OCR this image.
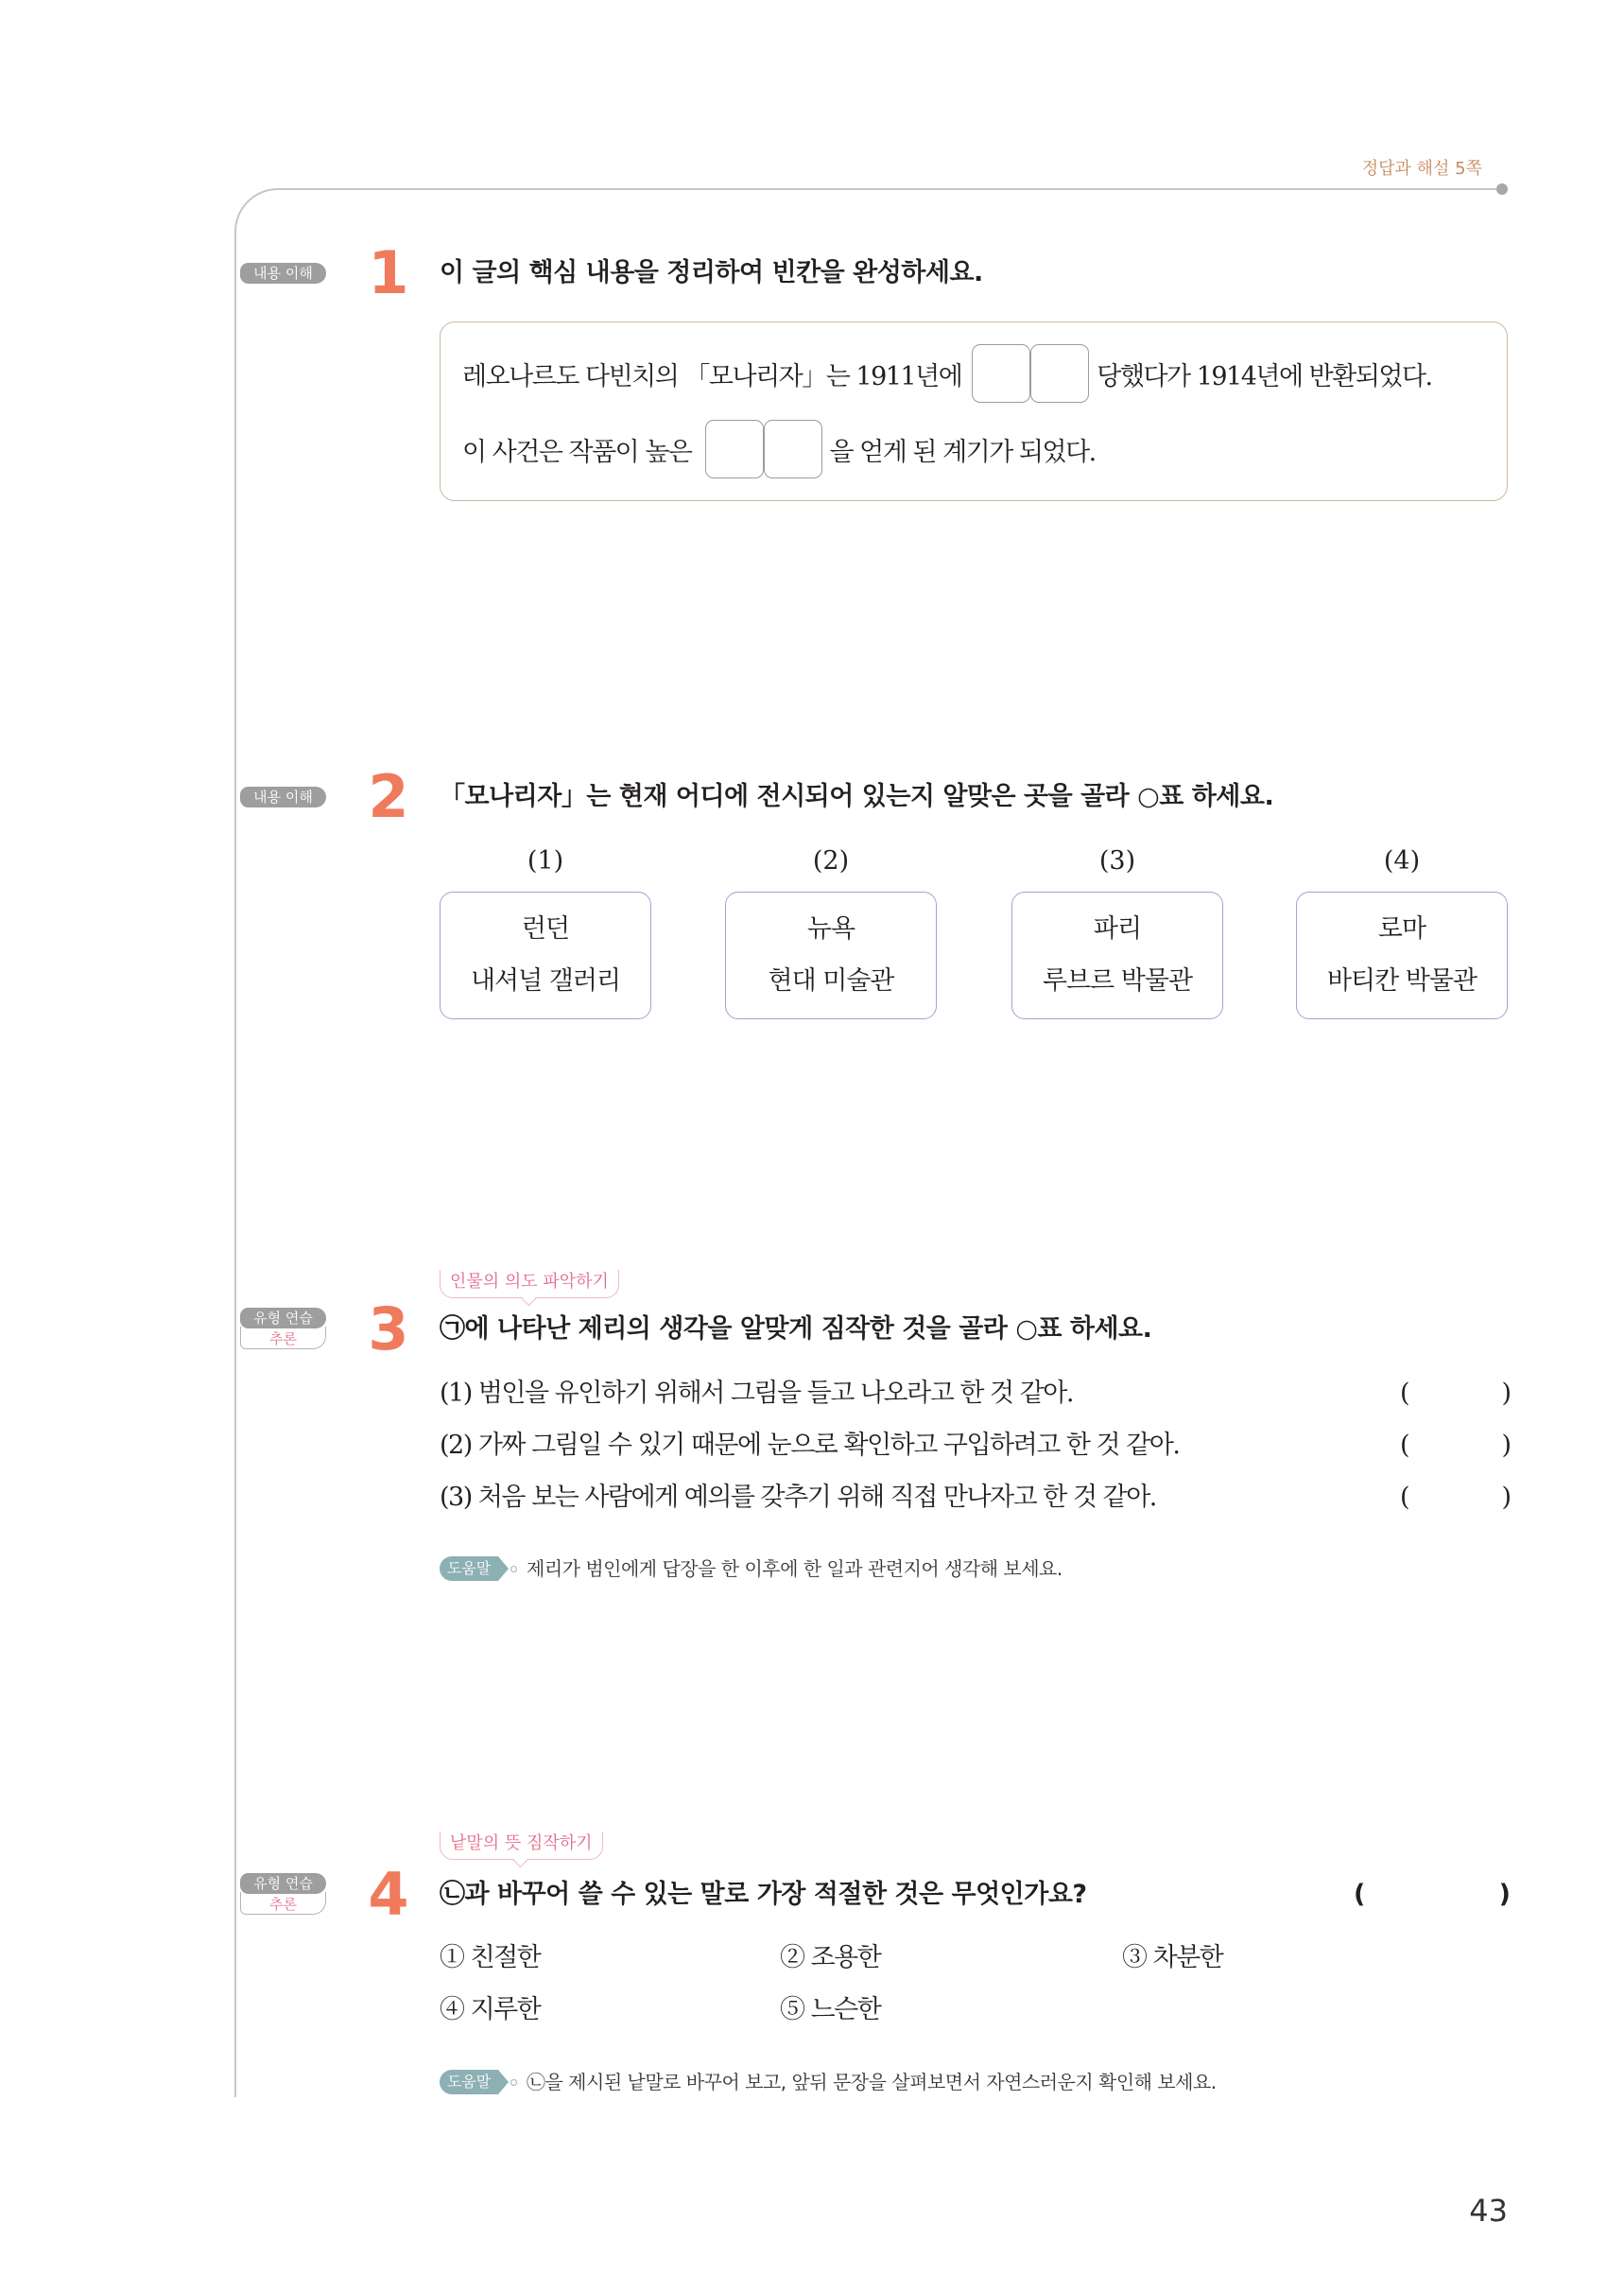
정답과 해설 5쪽
내용 이해 1 이 글의 핵심 내용을 정리하여 빈칸을 완성하세요.
레오나르도 다빈치의 「모나리자」는 1911년에	당했다가 1914년에 반환되었다.
이 사건은 작품이 높은	을 얻게 된 계기가 되었다.
내용 이해 2 「모나리자」는 현재 어디에 전시되어 있는지 알맞은 곳을 골라 ○표 하세요.
(1)	(2)	(3)	(4)
런던
내셔널 갤러리
뉴욕
현대 미술관
파리
루브르 박물관
로마
바티칸 박물관
인물의 의도 파악하기
유형 연습
추론	3 ㉠에 나타난 제리의 생각을 알맞게 짐작한 것을 골라 ○표 하세요.
(1) 범인을 유인하기 위해서 그림을 들고 나오라고 한 것 같아.	(	)
(2) 가짜 그림일 수 있기 때문에 눈으로 확인하고 구입하려고 한 것 같아.	(	)
(3) 처음 보는 사람에게 예의를 갖추기 위해 직접 만나자고 한 것 같아.	(	)
도움말	제리가 범인에게 답장을 한 이후에 한 일과 관련지어 생각해 보세요.
낱말의 뜻 짐작하기
유형 연습
추론	4 ㉡과 바꾸어 쓸 수 있는 말로 가장 적절한 것은 무엇인가요?	(	)
① 친절한	② 조용한	③ 차분한
④ 지루한	⑤ 느슨한
도움말	㉡을 제시된 낱말로 바꾸어 보고, 앞뒤 문장을 살펴보면서 자연스러운지 확인해 보세요.
43
